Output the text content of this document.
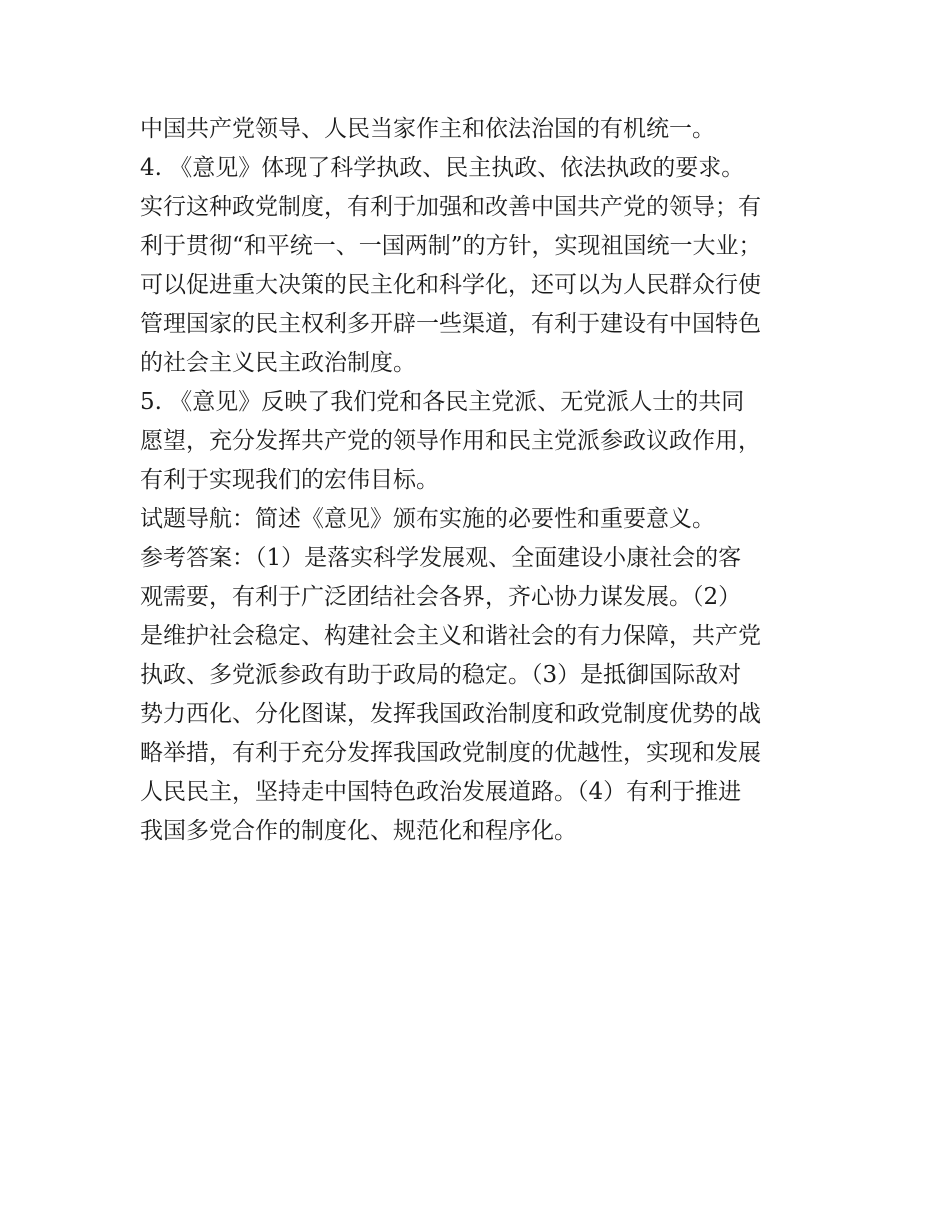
中国共产党领导、人民当家作主和依法治国的有机统一。
4. 《意见》体现了科学执政、民主执政、依法执政的要求。
实行这种政党制度，有利于加强和改善中国共产党的领导；有
利于贯彻“和平统一、一国两制”的方针，实现祖国统一大业；
可以促进重大决策的民主化和科学化，还可以为人民群众行使
管理国家的民主权利多开辟一些渠道，有利于建设有中国特色
的社会主义民主政治制度。
5. 《意见》反映了我们党和各民主党派、无党派人士的共同
愿望，充分发挥共产党的领导作用和民主党派参政议政作用，
有利于实现我们的宏伟目标。
试题导航：简述《意见》颁布实施的必要性和重要意义。
参考答案：（1）是落实科学发展观、全面建设小康社会的客
观需要，有利于广泛团结社会各界，齐心协力谋发展。（2）
是维护社会稳定、构建社会主义和谐社会的有力保障，共产党
执政、多党派参政有助于政局的稳定。（3）是抵御国际敌对
势力西化、分化图谋，发挥我国政治制度和政党制度优势的战
略举措，有利于充分发挥我国政党制度的优越性，实现和发展
人民民主，坚持走中国特色政治发展道路。（4）有利于推进
我国多党合作的制度化、规范化和程序化。
